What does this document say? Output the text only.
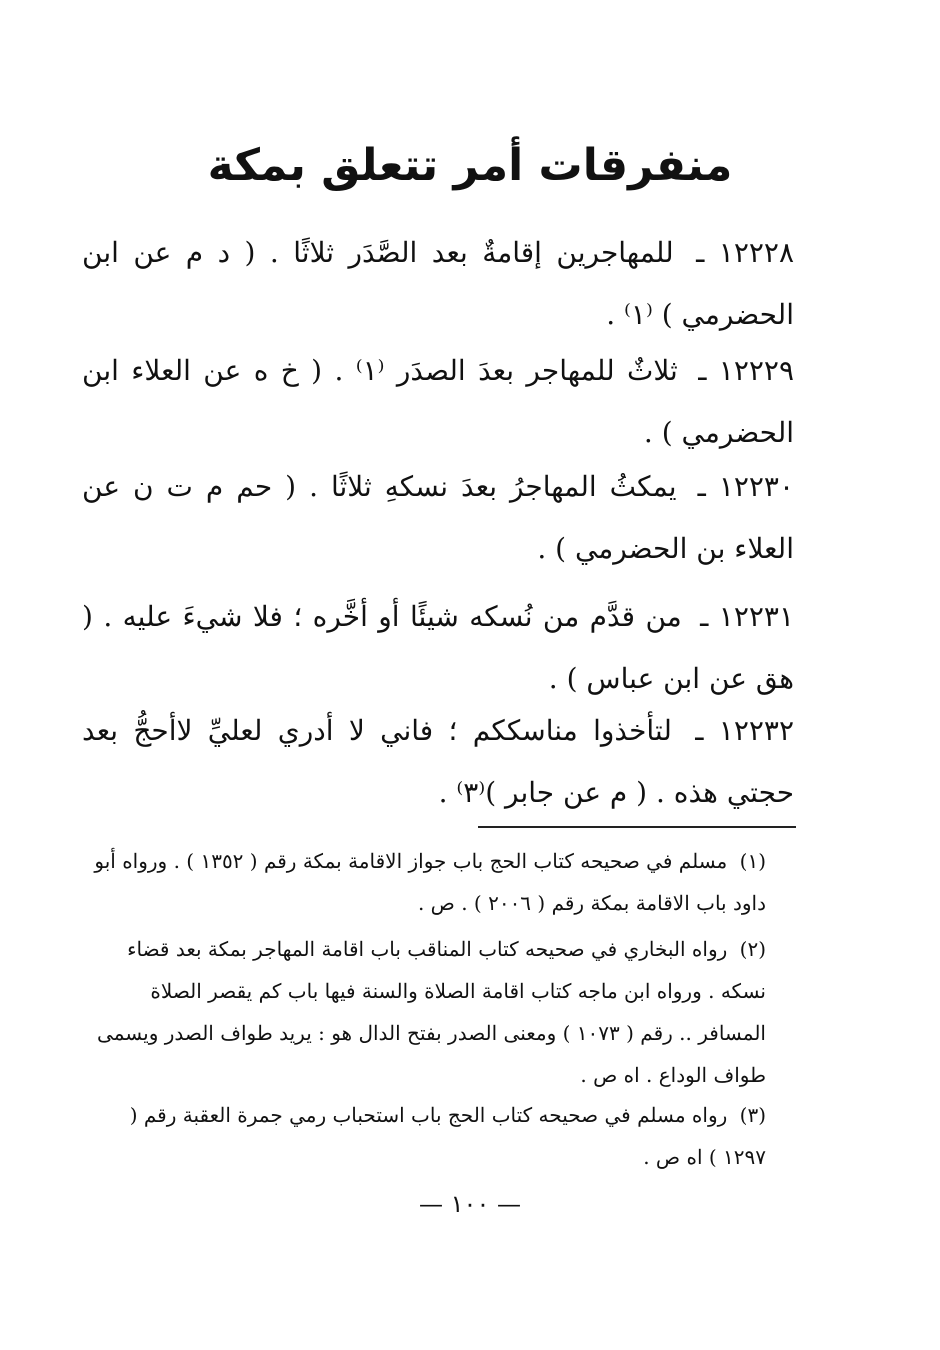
منفرقات أمر تتعلق بمكة
١٢٢٢٨ ـ للمهاجرين إقامةٌ بعد الصَّدَر ثلاثًا . ( د م عن ابن الحضرمي ) ⁽١⁾ .
١٢٢٢٩ ـ ثلاثٌ للمهاجر بعدَ الصدَر ⁽١⁾ . ( خ ه عن العلاء ابن الحضرمي ) .
١٢٢٣٠ ـ يمكثُ المهاجرُ بعدَ نسكهِ ثلاثًا . ( حم م ت ن عن العلاء بن الحضرمي ) .
١٢٢٣١ ـ من قدَّم من نُسكه شيئًا أو أخَّره ؛ فلا شيءَ عليه . ( هق عن ابن عباس ) .
١٢٢٣٢ ـ لتأخذوا مناسككم ؛ فاني لا أدري لعليِّ لاأحجُّ بعد حجتي هذه . ( م عن جابر )⁽٣⁾ .
(١) مسلم في صحيحه كتاب الحج باب جواز الاقامة بمكة رقم ( ١٣٥٢ ) . ورواه أبو داود باب الاقامة بمكة رقم ( ٢٠٠٦ ) . ص .
(٢) رواه البخاري في صحيحه كتاب المناقب باب اقامة المهاجر بمكة بعد قضاء نسكه . ورواه ابن ماجه كتاب اقامة الصلاة والسنة فيها باب كم يقصر الصلاة المسافر .. رقم ( ١٠٧٣ ) ومعنى الصدر بفتح الدال هو : يريد طواف الصدر ويسمى طواف الوداع . اه ص .
(٣) رواه مسلم في صحيحه كتاب الحج باب استحباب رمي جمرة العقبة رقم ( ١٢٩٧ ) اه ص .
— ١٠٠ —
